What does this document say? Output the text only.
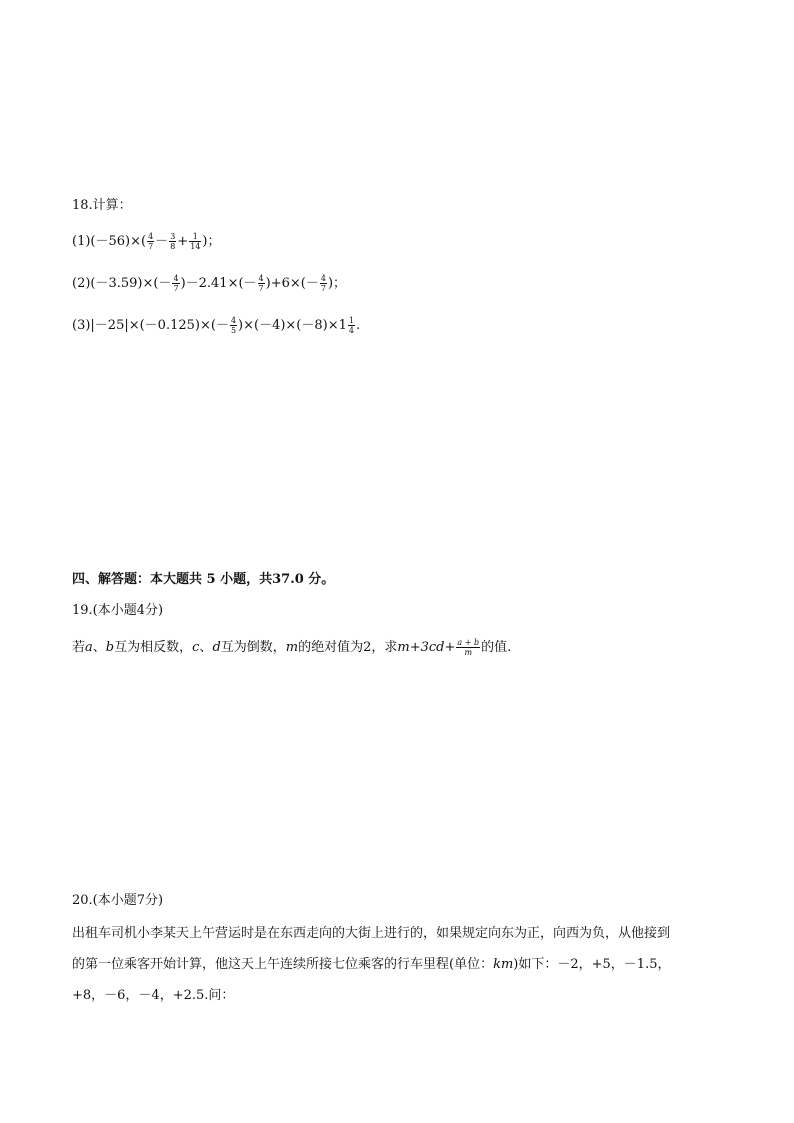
18.计算：
$(1)(-56)\times( \frac{4}{7} - \frac{3}{8} + \frac{1}{14}$ )；
$(2)(-3.59)\times(- \frac{4}{7} )-2.41\times(- \frac{4}{7} )+6\times(- \frac{4}{7}$ )；
$(3)|-25|\times(-0.125)\times(- \frac{4}{5} )\times(-4)\times(-8)\times 1 \frac{1}{4}$ .
四、解答题：本大题共 5 小题，共37.0 分。
19.(本小题4分)
若a、b互为相反数，c、d互为倒数，m的绝对值为2，求$m+3cd+ \frac{a + b}{m}$ 的值.
20.(本小题7分)
出租车司机小李某天上午营运时是在东西走向的大街上进行的，如果规定向东为正，向西为负，从他接到
的第一位乘客开始计算，他这天上午连续所接七位乘客的行车里程(单位：km)如下：－2，+5，－1.5，
+8，－6，－4，+2.5.问：
